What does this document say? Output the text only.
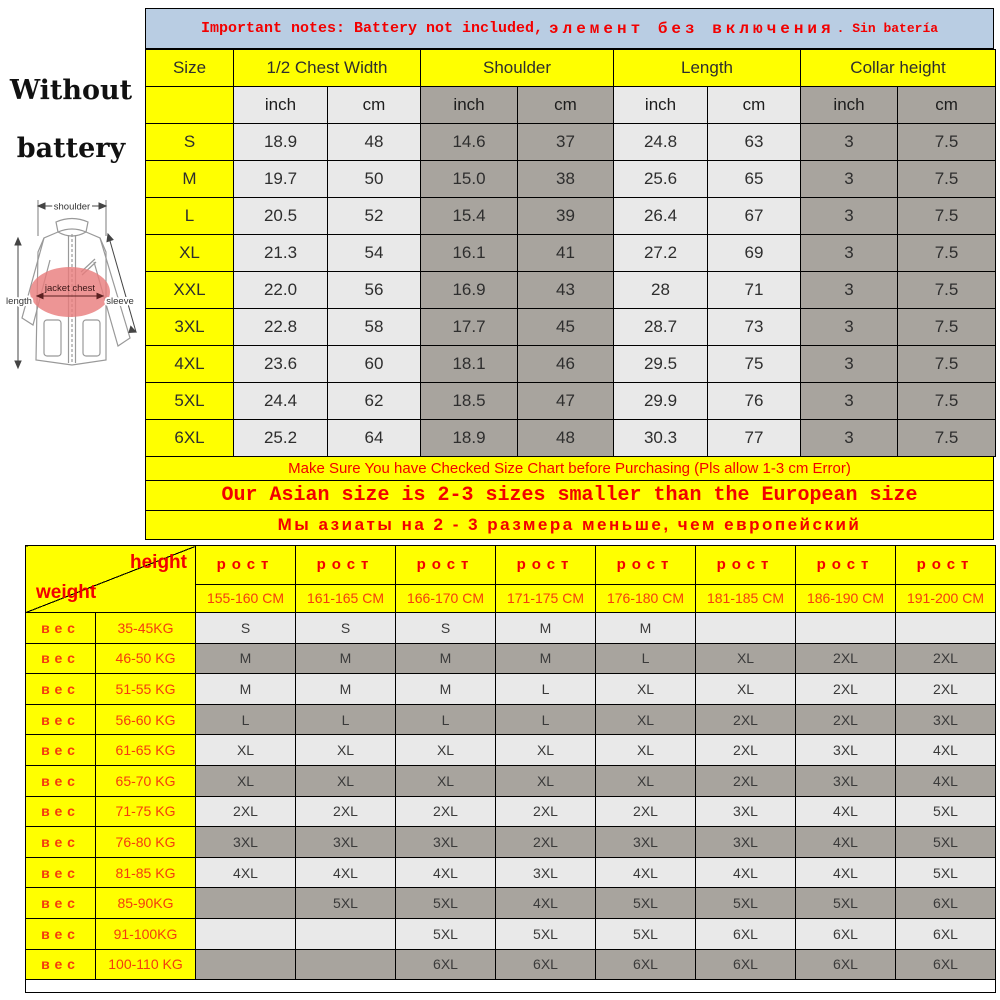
Without
battery
jacket chest
shoulder
length	sleeve
Important notes: Battery not included, элемент без включения . Sin batería
Size	1/2 Chest Width		Shoulder		Length		Collar height	
	inch	cm	inch	cm	inch	cm	inch	cm
S	18.9	48	14.6	37	24.8	63	3	7.5
M	19.7	50	15.0	38	25.6	65	3	7.5
L	20.5	52	15.4	39	26.4	67	3	7.5
XL	21.3	54	16.1	41	27.2	69	3	7.5
XXL	22.0	56	16.9	43	28	71	3	7.5
3XL	22.8	58	17.7	45	28.7	73	3	7.5
4XL	23.6	60	18.1	46	29.5	75	3	7.5
5XL	24.4	62	18.5	47	29.9	76	3	7.5
6XL	25.2	64	18.9	48	30.3	77	3	7.5
Make Sure You have Checked Size Chart before Purchasing (Pls allow 1-3 cm Error)
Our Asian size is 2-3 sizes smaller than the European size
Мы азиаты на 2 - 3 размера меньше, чем европейский
height
weight		рост	рост	рост	рост	рост	рост	рост	рост
		155-160 CM	161-165 CM	166-170 CM	171-175 CM	176-180 CM	181-185 CM	186-190 CM	191-200 CM
вес	35-45KG	S	S	S	M	M			
вес	46-50 KG	M	M	M	M	L	XL	2XL	2XL
вес	51-55 KG	M	M	M	L	XL	XL	2XL	2XL
вес	56-60 KG	L	L	L	L	XL	2XL	2XL	3XL
вес	61-65 KG	XL	XL	XL	XL	XL	2XL	3XL	4XL
вес	65-70 KG	XL	XL	XL	XL	XL	2XL	3XL	4XL
вес	71-75 KG	2XL	2XL	2XL	2XL	2XL	3XL	4XL	5XL
вес	76-80 KG	3XL	3XL	3XL	2XL	3XL	3XL	4XL	5XL
вес	81-85 KG	4XL	4XL	4XL	3XL	4XL	4XL	4XL	5XL
вес	85-90KG		5XL	5XL	4XL	5XL	5XL	5XL	6XL
вес	91-100KG			5XL	5XL	5XL	6XL	6XL	6XL
вес	100-110 KG			6XL	6XL	6XL	6XL	6XL	6XL
